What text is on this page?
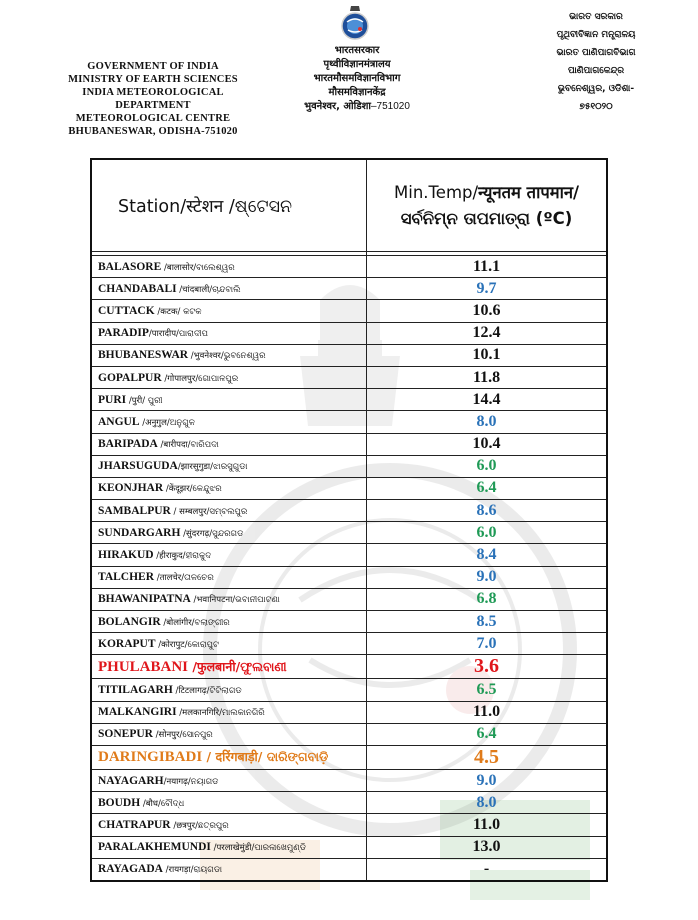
GOVERNMENT OF INDIA
MINISTRY OF EARTH SCIENCES
INDIA METEOROLOGICAL DEPARTMENT
METEOROLOGICAL CENTRE
BHUBANESWAR, ODISHA-751020
भारतसरकार
पृथ्वीविज्ञानमंत्रालय
भारतमौसमविज्ञानविभाग
मौसमविज्ञानकेंद्र
भुवनेश्वर, ओडिशा–751020
ଭାରତ ସରକାର
ପୃଥିବୀବିଜ୍ଞାନ ମନ୍ତ୍ରାଳୟ
ଭାରତ ପାଣିପାଗବିଭାଗ
ପାଣିପାଗକେନ୍ଦ୍ର
ଭୁବନେଶ୍ୱର, ଓଡିଶା-
୭୫୧୦୨୦
Station/स्टेशन /ଷ୍ଟେସନ	Min.Temp/न्यूनतम तापमान/
ସର୍ବନିମ୍ନ ତାପମାତ୍ରା (ºC)

BALASORE /बालासोर/ବାଲେଶ୍ୱର	11.1
CHANDABALI /चांदबाली/ଚାନ୍ଦବାଲି	9.7
CUTTACK /कटक/ କଟକ	10.6
PARADIP/पारादीप/ପାରାଦୀପ	12.4
BHUBANESWAR /भुवनेश्वर/ଭୁବନେଶ୍ୱର	10.1
GOPALPUR /गोपालपुर/ଗୋପାଳପୁର	11.8
PURI /पुरी/ ପୁରୀ	14.4
ANGUL /अनुगुल/ଅନୁଗୁଳ	8.0
BARIPADA /बारीपदा/ବାରିପଦା	10.4
JHARSUGUDA/झारसुगुडा/ଝାରସୁଗୁଡା	6.0
KEONJHAR /केंदूझर/କେନ୍ଦୁଝର	6.4
SAMBALPUR / सम्बलपुर/ସମ୍ବଲପୁର	8.6
SUNDARGARH /सुंदरगढ़/ସୁନ୍ଦରଗଡ	6.0
HIRAKUD /हीराकुद/ହୀରାକୁଦ	8.4
TALCHER /तालचेर/ତାଳଚେର	9.0
BHAWANIPATNA /भवानिपटना/ଭବାନୀପାଟଣା	6.8
BOLANGIR /बोलांगीर/ବଲାଙ୍ଗୀର	8.5
KORAPUT /कोरापुट/କୋରାପୁଟ	7.0
PHULABANI /फुलबानी/ଫୁଲବାଣୀ	3.6
TITILAGARH /टिटलागढ़/ଟିଟିଲାଗଡ	6.5
MALKANGIRI /मलकानगिरि/ମାଲକାନଗିରି	11.0
SONEPUR /सोनपुर/ସୋନପୁର	6.4
DARINGIBADI / दरिंगबाड़ी/ ଦାରିଙ୍ଗବାଡ଼ି	4.5
NAYAGARH/नयागढ़/ନୟାଗଡ	9.0
BOUDH /बौध/ବୌଦ୍ଧ	8.0
CHATRAPUR /छत्रपुर/ଛତ୍ରପୁର	11.0
PARALAKHEMUNDI /परलाखेमुंडी/ପାରଳାଖେମୁଣ୍ଡି	13.0
RAYAGADA /रायगड़ा/ରାୟଗଡା	-
